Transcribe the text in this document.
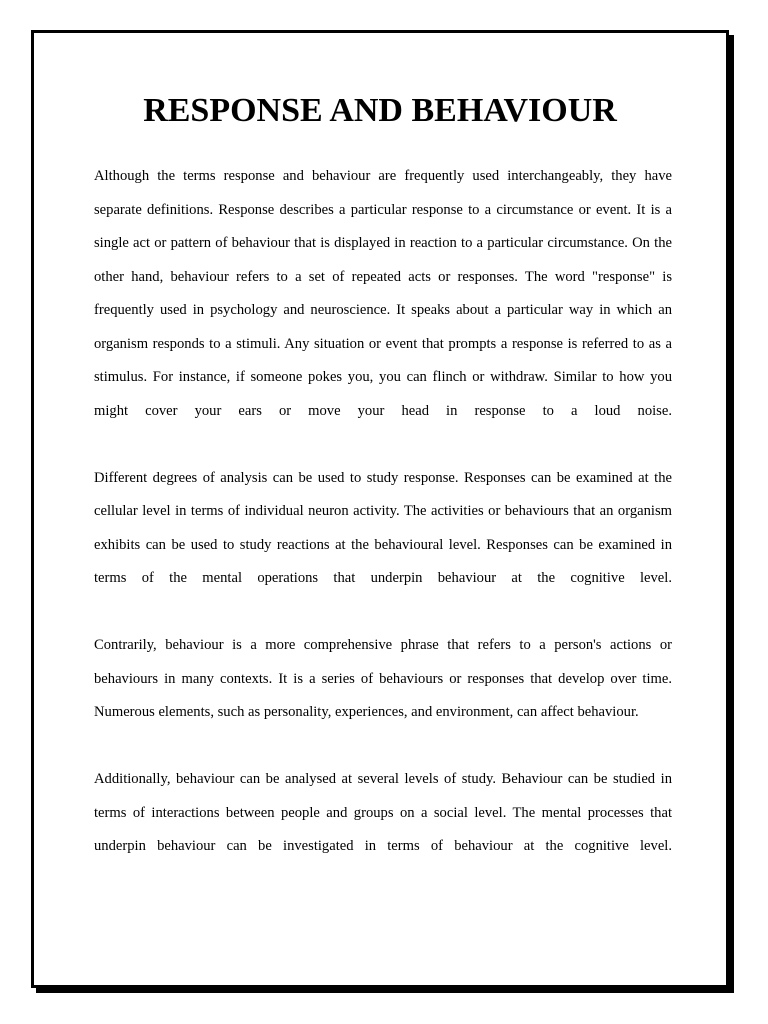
RESPONSE AND BEHAVIOUR

Although the terms response and behaviour are frequently used interchangeably, they have separate definitions. Response describes a particular response to a circumstance or event. It is a single act or pattern of behaviour that is displayed in reaction to a particular circumstance. On the other hand, behaviour refers to a set of repeated acts or responses. The word "response" is frequently used in psychology and neuroscience. It speaks about a particular way in which an organism responds to a stimuli. Any situation or event that prompts a response is referred to as a stimulus. For instance, if someone pokes you, you can flinch or withdraw. Similar to how you might cover your ears or move your head in response to a loud noise.

Different degrees of analysis can be used to study response. Responses can be examined at the cellular level in terms of individual neuron activity. The activities or behaviours that an organism exhibits can be used to study reactions at the behavioural level. Responses can be examined in terms of the mental operations that underpin behaviour at the cognitive level.

Contrarily, behaviour is a more comprehensive phrase that refers to a person's actions or behaviours in many contexts. It is a series of behaviours or responses that develop over time. Numerous elements, such as personality, experiences, and environment, can affect behaviour.

Additionally, behaviour can be analysed at several levels of study. Behaviour can be studied in terms of interactions between people and groups on a social level. The mental processes that underpin behaviour can be investigated in terms of behaviour at the cognitive level.
